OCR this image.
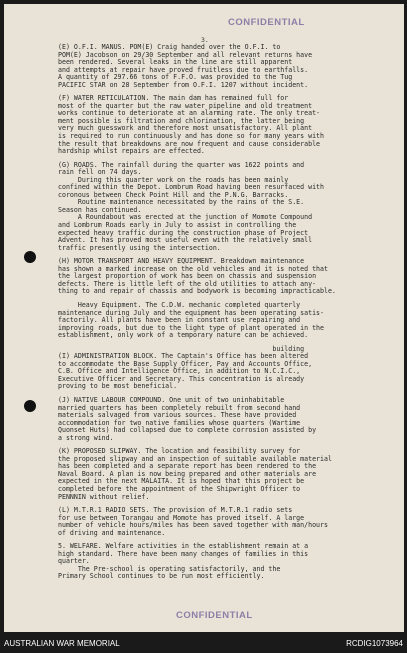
CONFIDENTIAL
3.
(E) O.F.I. MANUS. POM(E) Craig handed over the O.F.I. to
POM(E) Jacobson on 29/30 September and all relevant returns have
been rendered. Several leaks in the line are still apparent
and attempts at repair have proved fruitless due to earthfalls.
A quantity of 297.66 tons of F.F.O. was provided to the Tug
PACIFIC STAR on 28 September from O.F.I. 1207 without incident.
(F) WATER RETICULATION. The main dam has remained full for
most of the quarter but the raw water pipeline and old treatment
works continue to deteriorate at an alarming rate. The only treat-
ment possible is filtration and chlorination, the latter being
very much guesswork and therefore most unsatisfactory. All plant
is required to run continuously and has done so for many years with
the result that breakdowns are now frequent and cause considerable
hardship whilst repairs are effected.
(G) ROADS. The rainfall during the quarter was 1622 points and
rain fell on 74 days.
During this quarter work on the roads has been mainly
confined within the Depot. Lombrum Road having been resurfaced with
coronous between Check Point Hill and the P.N.G. Barracks.
Routine maintenance necessitated by the rains of the S.E.
Season has continued.
A Roundabout was erected at the junction of Momote Compound
and Lombrum Roads early in July to assist in controlling the
expected heavy traffic during the construction phase of Project
Advent. It has proved most useful even with the relatively small
traffic presently using the intersection.
(H) MOTOR TRANSPORT AND HEAVY EQUIPMENT. Breakdown maintenance
has shown a marked increase on the old vehicles and it is noted that
the largest proportion of work has been on chassis and suspension
defects. There is little left of the old utilities to attach any-
thing to and repair of chassis and bodywork is becoming impracticable.
Heavy Equipment. The C.D.W. mechanic completed quarterly
maintenance during July and the equipment has been operating satis-
factorily. All plants have been in constant use repairing and
improving roads, but due to the light type of plant operated in the
establishment, only work of a temporary nature can be achieved.
building
(I) ADMINISTRATION BLOCK. The Captain's Office has been altered
to accommodate the Base Supply Officer, Pay and Accounts Office,
C.B. Office and Intelligence Office, in addition to N.C.I.C.,
Executive Officer and Secretary. This concentration is already
proving to be most beneficial.
(J) NATIVE LABOUR COMPOUND. One unit of two uninhabitable
married quarters has been completely rebuilt from second hand
materials salvaged from various sources. These have provided
accommodation for two native families whose quarters (Wartime
Quonset Huts) had collapsed due to complete corrosion assisted by
a strong wind.
(K) PROPOSED SLIPWAY. The location and feasibility survey for
the proposed slipway and an inspection of suitable available material
has been completed and a separate report has been rendered to the
Naval Board. A plan is now being prepared and other materials are
expected in the next MALAITA. It is hoped that this project be
completed before the appointment of the Shipwright Officer to
PENNNIN without relief.
(L) M.T.R.1 RADIO SETS. The provision of M.T.R.1 radio sets
for use between Torangau and Momote has proved itself. A large
number of vehicle hours/miles has been saved together with man/hours
of driving and maintenance.
5. WELFARE. Welfare activities in the establishment remain at a
high standard. There have been many changes of families in this
quarter.
The Pre-school is operating satisfactorily, and the
Primary School continues to be run most efficiently.
CONFIDENTIAL
AUSTRALIAN WAR MEMORIAL	RCDIG1073964
